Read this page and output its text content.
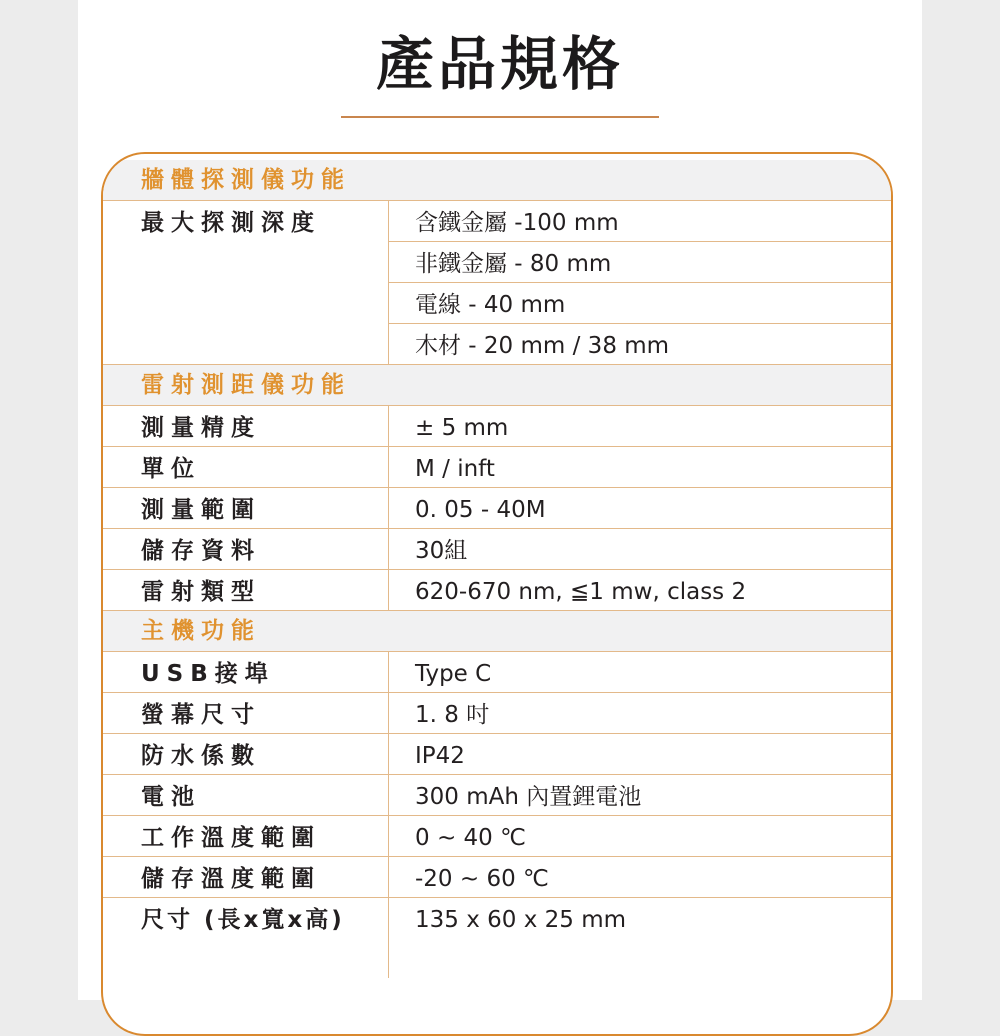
產品規格
牆體探測儀功能
最大探測深度	含鐵金屬 -100 mm
非鐵金屬 - 80 mm
電線 - 40 mm
木材 - 20 mm / 38 mm
雷射測距儀功能
測量精度	± 5 mm
單位	M / inft
測量範圍	0. 05 - 40M
儲存資料	30組
雷射類型	620-670 nm, ≦1 mw, class 2
主機功能
USB接埠	Type C
螢幕尺寸	1. 8 吋
防水係數	IP42
電池	300 mAh 內置鋰電池
工作溫度範圍	0 ~ 40 ℃
儲存溫度範圍	-20 ~ 60 ℃
尺寸 (長x寬x高)	135 x 60 x 25 mm
